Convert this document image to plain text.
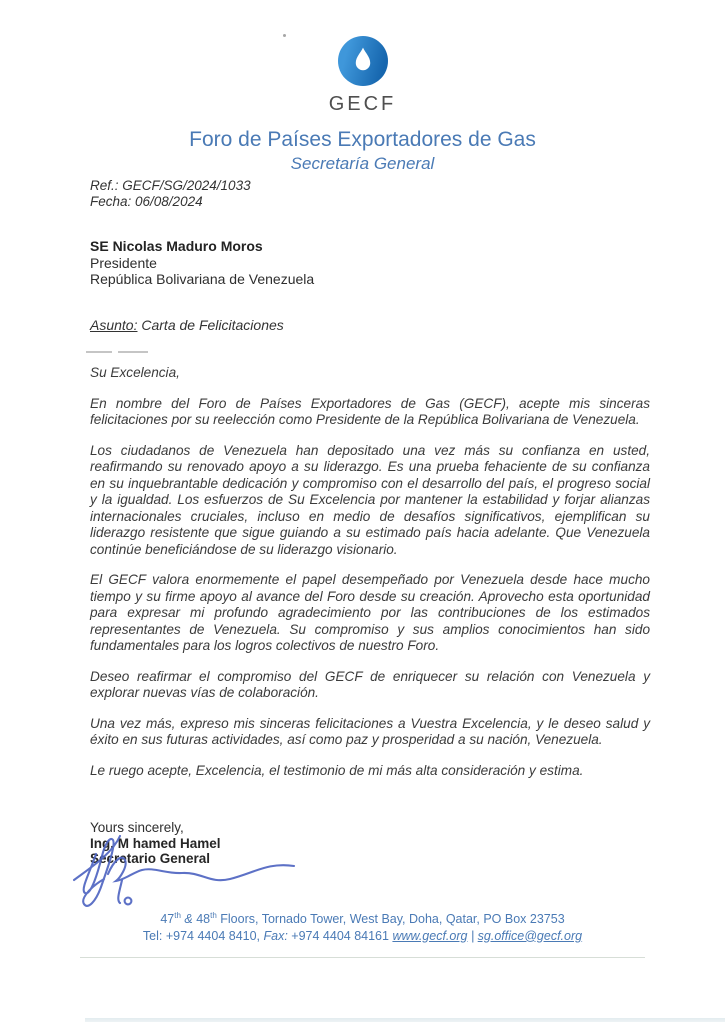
GECF
Foro de Países Exportadores de Gas
Secretaría General
Ref.: GECF/SG/2024/1033
Fecha: 06/08/2024
SE Nicolas Maduro Moros
Presidente
República Bolivariana de Venezuela
Asunto: Carta de Felicitaciones

Su Excelencia,

En nombre del Foro de Países Exportadores de Gas (GECF), acepte mis sinceras felicitaciones por su reelección como Presidente de la República Bolivariana de Venezuela.

Los ciudadanos de Venezuela han depositado una vez más su confianza en usted, reafirmando su renovado apoyo a su liderazgo. Es una prueba fehaciente de su confianza en su inquebrantable dedicación y compromiso con el desarrollo del país, el progreso social y la igualdad. Los esfuerzos de Su Excelencia por mantener la estabilidad y forjar alianzas internacionales cruciales, incluso en medio de desafíos significativos, ejemplifican su liderazgo resistente que sigue guiando a su estimado país hacia adelante. Que Venezuela continúe beneficiándose de su liderazgo visionario.

El GECF valora enormemente el papel desempeñado por Venezuela desde hace mucho tiempo y su firme apoyo al avance del Foro desde su creación. Aprovecho esta oportunidad para expresar mi profundo agradecimiento por las contribuciones de los estimados representantes de Venezuela. Su compromiso y sus amplios conocimientos han sido fundamentales para los logros colectivos de nuestro Foro.

Deseo reafirmar el compromiso del GECF de enriquecer su relación con Venezuela y explorar nuevas vías de colaboración.

Una vez más, expreso mis sinceras felicitaciones a Vuestra Excelencia, y le deseo salud y éxito en sus futuras actividades, así como paz y prosperidad a su nación, Venezuela.

Le ruego acepte, Excelencia, el testimonio de mi más alta consideración y estima.

Yours sincerely,
Ing. M hamed Hamel
Secretario General
47th & 48th Floors, Tornado Tower, West Bay, Doha, Qatar, PO Box 23753
Tel: +974 4404 8410, Fax: +974 4404 84161 www.gecf.org | sg.office@gecf.org
